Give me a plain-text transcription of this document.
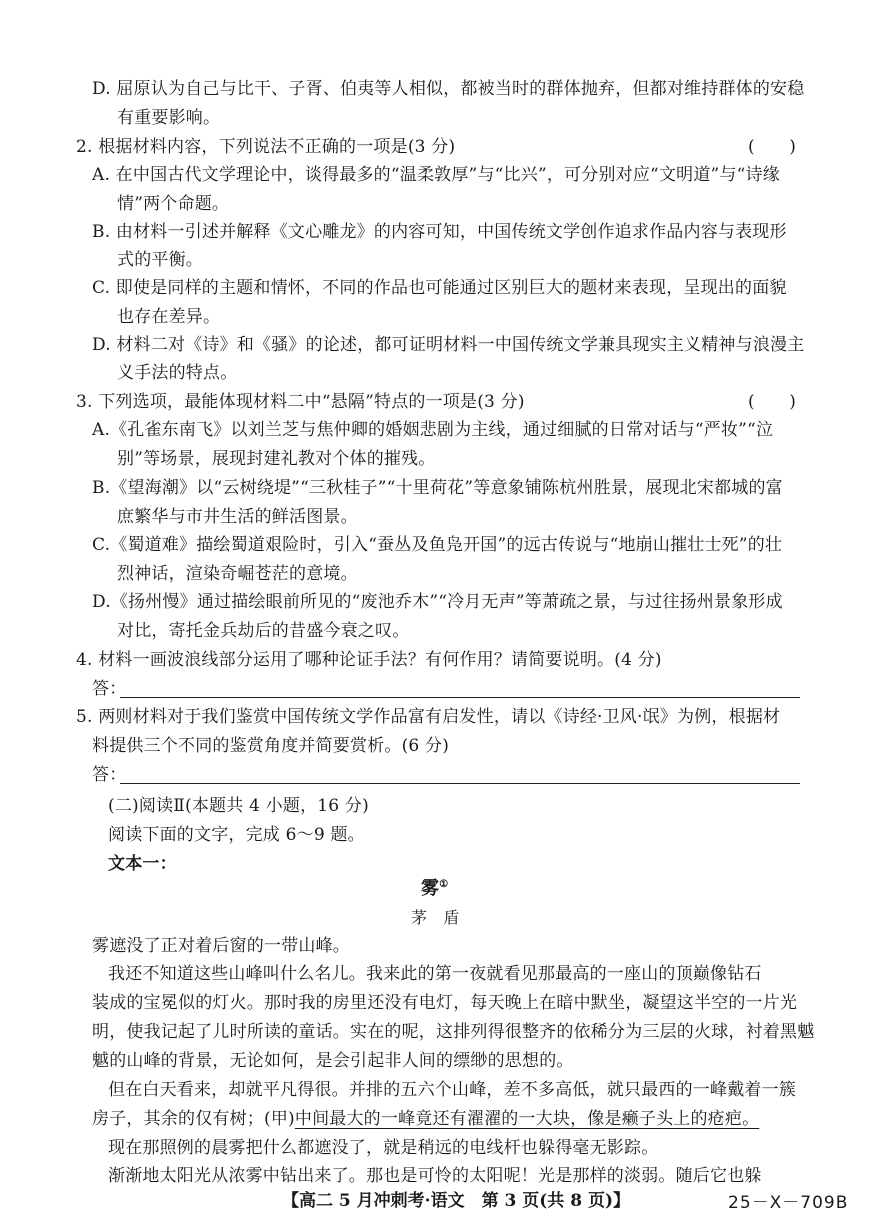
D. 屈原认为自己与比干、子胥、伯夷等人相似，都被当时的群体抛弃，但都对维持群体的安稳
有重要影响。
2. 根据材料内容，下列说法不正确的一项是(3 分)	(　　)
A. 在中国古代文学理论中，谈得最多的“温柔敦厚”与“比兴”，可分别对应“文明道”与“诗缘
情”两个命题。
B. 由材料一引述并解释《文心雕龙》的内容可知，中国传统文学创作追求作品内容与表现形
式的平衡。
C. 即使是同样的主题和情怀，不同的作品也可能通过区别巨大的题材来表现，呈现出的面貌
也存在差异。
D. 材料二对《诗》和《骚》的论述，都可证明材料一中国传统文学兼具现实主义精神与浪漫主
义手法的特点。
3. 下列选项，最能体现材料二中“悬隔”特点的一项是(3 分)	(　　)
A.《孔雀东南飞》以刘兰芝与焦仲卿的婚姻悲剧为主线，通过细腻的日常对话与“严妆”“泣
别”等场景，展现封建礼教对个体的摧残。
B.《望海潮》以“云树绕堤”“三秋桂子”“十里荷花”等意象铺陈杭州胜景，展现北宋都城的富
庶繁华与市井生活的鲜活图景。
C.《蜀道难》描绘蜀道艰险时，引入“蚕丛及鱼凫开国”的远古传说与“地崩山摧壮士死”的壮
烈神话，渲染奇崛苍茫的意境。
D.《扬州慢》通过描绘眼前所见的“废池乔木”“冷月无声”等萧疏之景，与过往扬州景象形成
对比，寄托金兵劫后的昔盛今衰之叹。
4. 材料一画波浪线部分运用了哪种论证手法？有何作用？请简要说明。(4 分)
答：
5. 两则材料对于我们鉴赏中国传统文学作品富有启发性，请以《诗经·卫风·氓》为例，根据材
料提供三个不同的鉴赏角度并简要赏析。(6 分)
答：
(二)阅读Ⅱ(本题共 4 小题，16 分)
阅读下面的文字，完成 6～9 题。
文本一：
雾①
茅　盾
雾遮没了正对着后窗的一带山峰。
我还不知道这些山峰叫什么名儿。我来此的第一夜就看见那最高的一座山的顶巅像钻石
装成的宝冕似的灯火。那时我的房里还没有电灯，每天晚上在暗中默坐，凝望这半空的一片光
明，使我记起了儿时所读的童话。实在的呢，这排列得很整齐的依稀分为三层的火球，衬着黑魆
魆的山峰的背景，无论如何，是会引起非人间的缥缈的思想的。
但在白天看来，却就平凡得很。并排的五六个山峰，差不多高低，就只最西的一峰戴着一簇
房子，其余的仅有树；(甲)中间最大的一峰竟还有濯濯的一大块，像是癞子头上的疮疤。
现在那照例的晨雾把什么都遮没了，就是稍远的电线杆也躲得毫无影踪。
渐渐地太阳光从浓雾中钻出来了。那也是可怜的太阳呢！光是那样的淡弱。随后它也躲
【高二 5 月冲刺考·语文　第 3 页(共 8 页)】	25－X－709B
